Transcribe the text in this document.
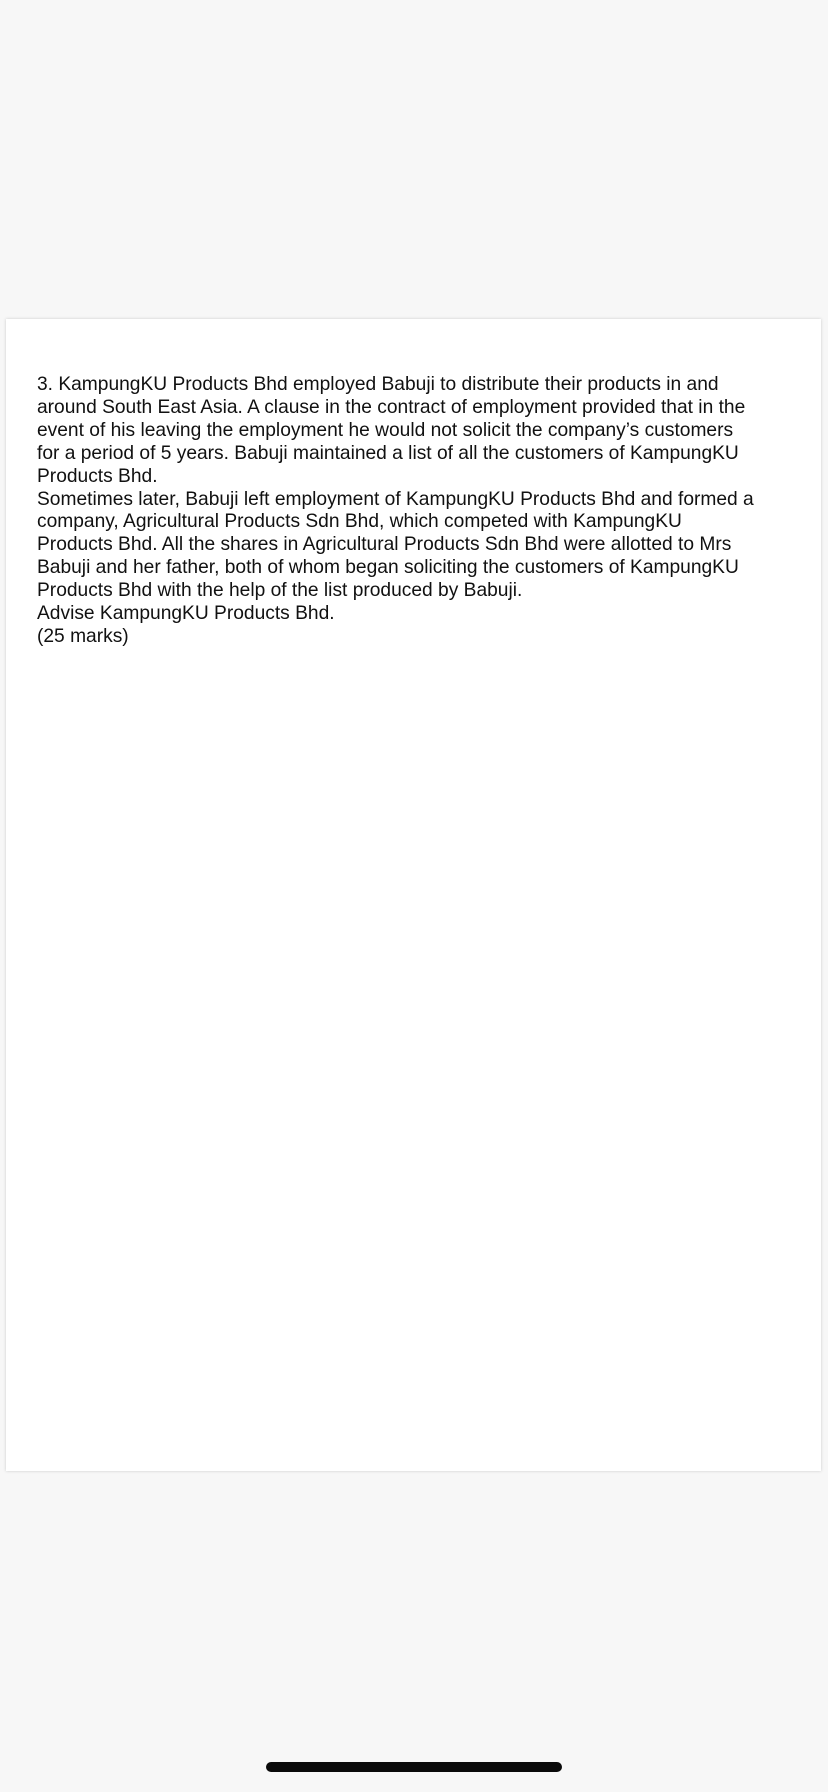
3. KampungKU Products Bhd employed Babuji to distribute their products in and

around South East Asia. A clause in the contract of employment provided that in the

event of his leaving the employment he would not solicit the company’s customers

for a period of 5 years. Babuji maintained a list of all the customers of KampungKU

Products Bhd.

Sometimes later, Babuji left employment of KampungKU Products Bhd and formed a

company, Agricultural Products Sdn Bhd, which competed with KampungKU

Products Bhd. All the shares in Agricultural Products Sdn Bhd were allotted to Mrs

Babuji and her father, both of whom began soliciting the customers of KampungKU

Products Bhd with the help of the list produced by Babuji.

Advise KampungKU Products Bhd.

(25 marks)
